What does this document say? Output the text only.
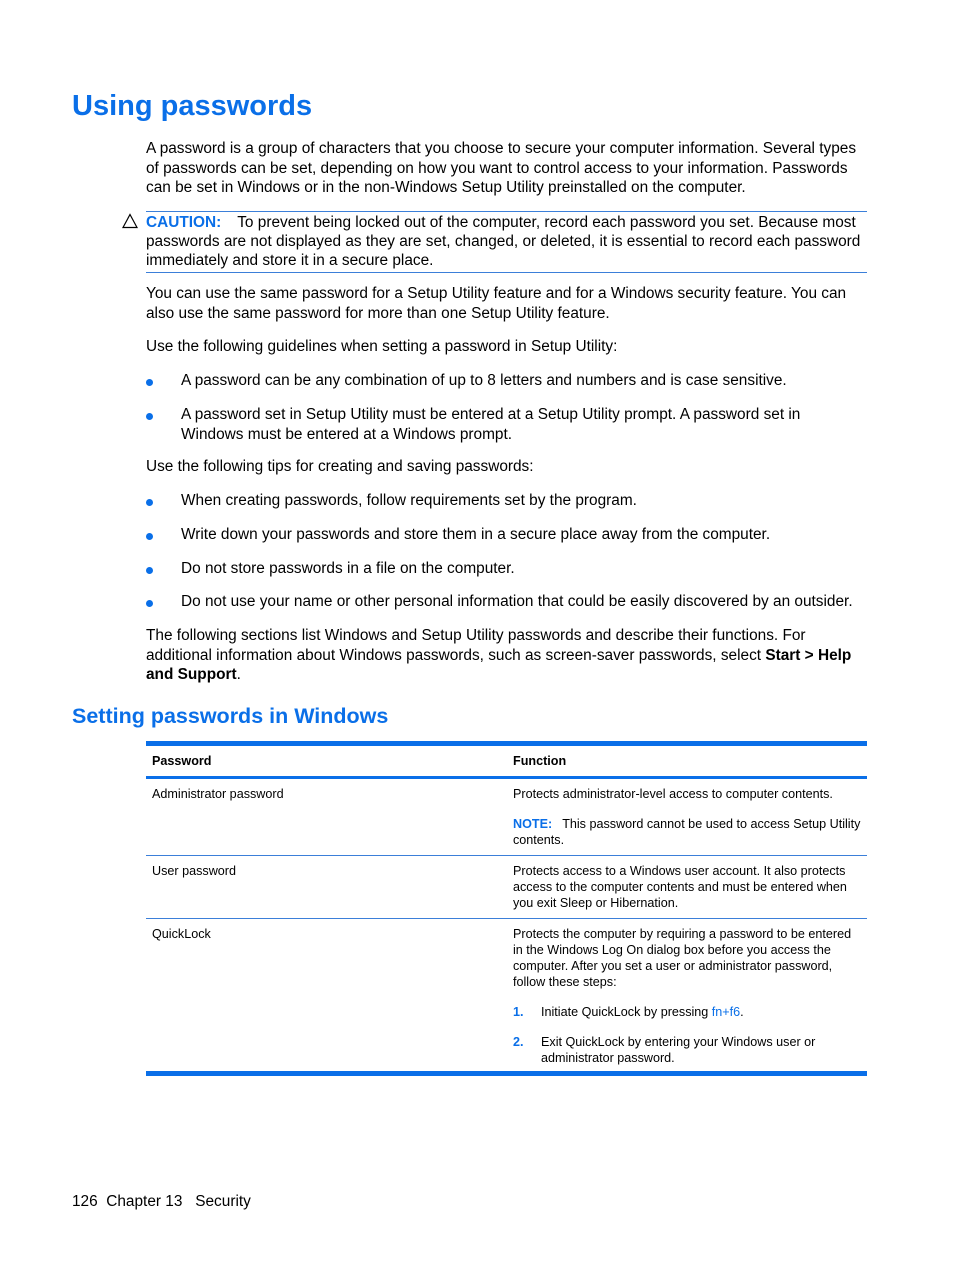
Using passwords

A password is a group of characters that you choose to secure your computer information. Several types of passwords can be set, depending on how you want to control access to your information. Passwords can be set in Windows or in the non-Windows Setup Utility preinstalled on the computer.

CAUTION: To prevent being locked out of the computer, record each password you set. Because most passwords are not displayed as they are set, changed, or deleted, it is essential to record each password immediately and store it in a secure place.

You can use the same password for a Setup Utility feature and for a Windows security feature. You can also use the same password for more than one Setup Utility feature.

Use the following guidelines when setting a password in Setup Utility:

A password can be any combination of up to 8 letters and numbers and is case sensitive.
A password set in Setup Utility must be entered at a Setup Utility prompt. A password set in Windows must be entered at a Windows prompt.

Use the following tips for creating and saving passwords:

When creating passwords, follow requirements set by the program.
Write down your passwords and store them in a secure place away from the computer.
Do not store passwords in a file on the computer.
Do not use your name or other personal information that could be easily discovered by an outsider.

The following sections list Windows and Setup Utility passwords and describe their functions. For additional information about Windows passwords, such as screen-saver passwords, select Start > Help and Support.

Setting passwords in Windows
Password	Function
Administrator password	Protects administrator-level access to computer contents.
NOTE: This password cannot be used to access Setup Utility contents.
User password	Protects access to a Windows user account. It also protects access to the computer contents and must be entered when you exit Sleep or Hibernation.
QuickLock	Protects the computer by requiring a password to be entered in the Windows Log On dialog box before you access the computer. After you set a user or administrator password, follow these steps:
1.	Initiate QuickLock by pressing fn+f6.
2.	Exit QuickLock by entering your Windows user or administrator password.
126 Chapter 13 Security
